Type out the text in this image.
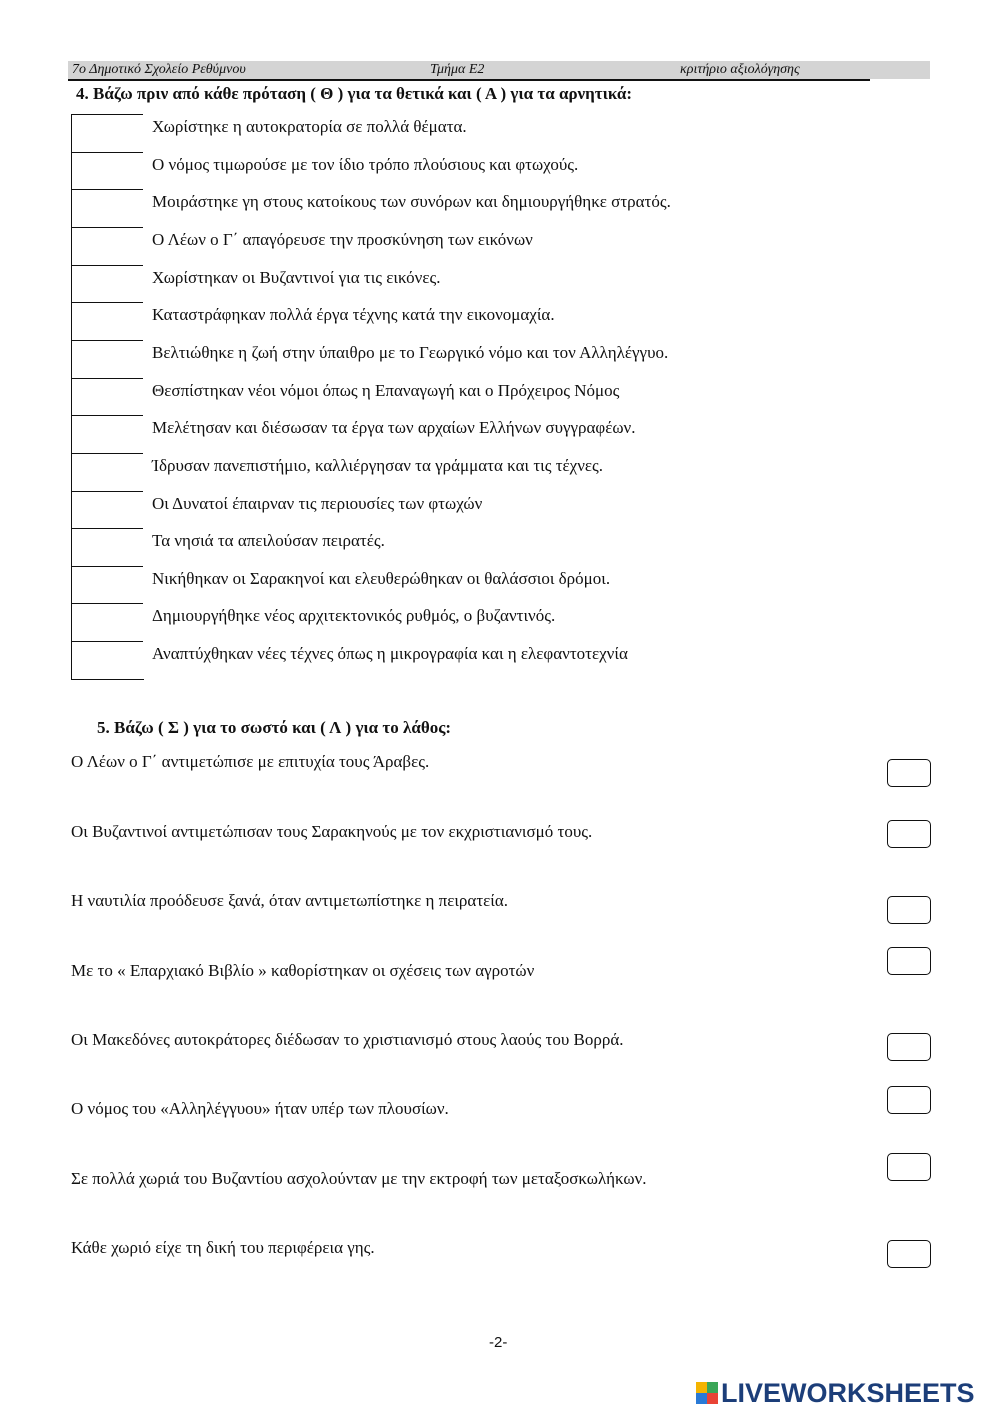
7ο Δημοτικό Σχολείο Ρεθύμνου	Τμήμα Ε2	κριτήριο αξιολόγησης
4. Βάζω πριν από κάθε πρόταση ( Θ ) για τα θετικά και ( Α ) για τα αρνητικά:
Χωρίστηκε η αυτοκρατορία σε πολλά θέματα.
Ο νόμος τιμωρούσε με τον ίδιο τρόπο πλούσιους και φτωχούς.
Μοιράστηκε γη στους κατοίκους των συνόρων και δημιουργήθηκε στρατός.
Ο Λέων ο Γ΄ απαγόρευσε την προσκύνηση των εικόνων
Χωρίστηκαν οι Βυζαντινοί για τις εικόνες.
Καταστράφηκαν πολλά έργα τέχνης κατά την εικονομαχία.
Βελτιώθηκε η ζωή στην ύπαιθρο με το Γεωργικό νόμο και τον Αλληλέγγυο.
Θεσπίστηκαν νέοι νόμοι όπως η Επαναγωγή και ο Πρόχειρος Νόμος
Μελέτησαν και διέσωσαν τα έργα των αρχαίων Ελλήνων συγγραφέων.
Ίδρυσαν πανεπιστήμιο, καλλιέργησαν τα γράμματα και τις τέχνες.
Οι Δυνατοί έπαιρναν τις περιουσίες των φτωχών
Τα νησιά τα απειλούσαν πειρατές.
Νικήθηκαν οι Σαρακηνοί και ελευθερώθηκαν οι θαλάσσιοι δρόμοι.
Δημιουργήθηκε νέος αρχιτεκτονικός ρυθμός, ο βυζαντινός.
Αναπτύχθηκαν νέες τέχνες όπως η μικρογραφία και η ελεφαντοτεχνία
5. Βάζω ( Σ ) για το σωστό και ( Λ ) για το λάθος:
Ο Λέων ο Γ΄ αντιμετώπισε με επιτυχία τους Άραβες.
Οι Βυζαντινοί αντιμετώπισαν τους Σαρακηνούς με τον εκχριστιανισμό τους.
Η ναυτιλία προόδευσε ξανά, όταν αντιμετωπίστηκε η πειρατεία.
Με το « Επαρχιακό Βιβλίο » καθορίστηκαν οι σχέσεις των αγροτών
Οι Μακεδόνες αυτοκράτορες διέδωσαν το χριστιανισμό στους λαούς του Βορρά.
Ο νόμος του «Αλληλέγγυου» ήταν υπέρ των πλουσίων.
Σε πολλά χωριά του Βυζαντίου ασχολούνταν με την εκτροφή των μεταξοσκωλήκων.
Κάθε χωριό είχε τη δική του περιφέρεια γης.
-2-
LIVEWORKSHEETS
